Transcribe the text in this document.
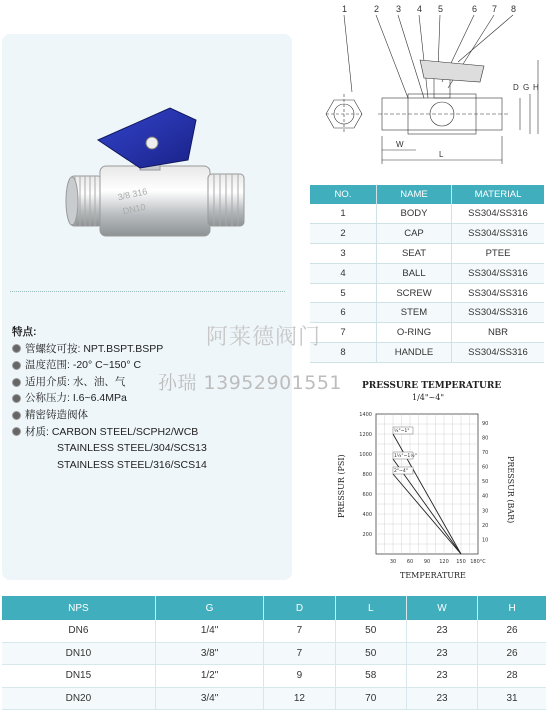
3/8 316
DN10
特点:
管螺纹可按: NPT.BSPT.BSPP
温度范围: -20° C~150° C
适用介质: 水、油、气
公称压力: I.6~6.4MPa
精密铸造阀体
材质: CARBON STEEL/SCPH2/WCB
STAINLESS STEEL/304/SCS13
STAINLESS STEEL/316/SCS14
1	2 3 4 5	6 7 8
D G H
W
L
NO.	NAME	MATERIAL
1	BODY	SS304/SS316
2	CAP	SS304/SS316
3	SEAT	PTEE
4	BALL	SS304/SS316
5	SCREW	SS304/SS316
6	STEM	SS304/SS316
7	O-RING	NBR
8	HANDLE	SS304/SS316
阿莱德阀门
孙瑞 13952901551 PRESSURE TEMPERATURE
1/4"~4"
TEMPERATURE
PRESSUR (PSI)	PRESSUR (BAR)
200
400
600
800
1000
1200
1400
10
20
30
40
50
60
70
80
90
30 60 90 120 150 180°C
¼"~1"
1¼"~1½"
2"~4"
NPS	G	D	L	W	H
DN6	1/4"	7	50	23	26
DN10	3/8"	7	50	23	26
DN15	1/2"	9	58	23	28
DN20	3/4"	12	70	23	31
